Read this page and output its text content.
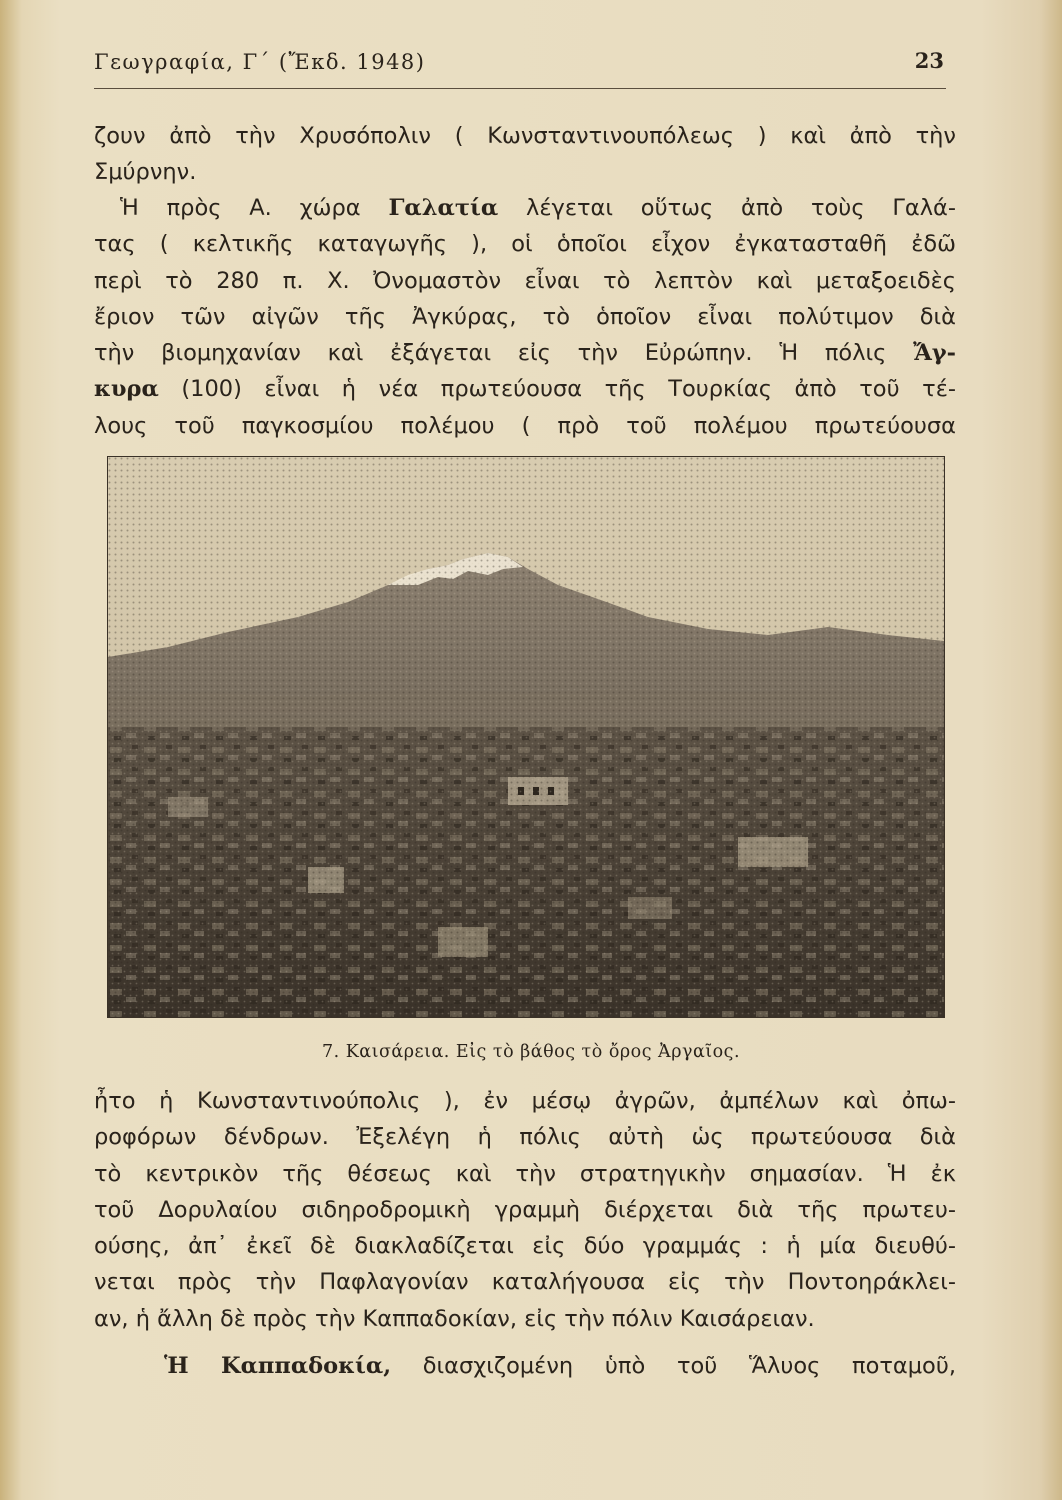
Γεωγραφία, Γ΄ (Ἔκδ. 1948)	23
ζουν ἀπὸ τὴν Χρυσόπολιν ( Κωνσταντινουπόλεως ) καὶ ἀπὸ τὴν
Σμύρνην.
Ἡ πρὸς Α. χώρα Γαλατία λέγεται οὕτως ἀπὸ τοὺς Γαλά-
τας ( κελτικῆς καταγωγῆς ), οἱ ὁποῖοι εἶχον ἐγκατασταθῆ ἐδῶ
περὶ τὸ 280 π. Χ. Ὀνομαστὸν εἶναι τὸ λεπτὸν καὶ μεταξοειδὲς
ἔριον τῶν αἰγῶν τῆς Ἀγκύρας, τὸ ὁποῖον εἶναι πολύτιμον διὰ
τὴν βιομηχανίαν καὶ ἐξάγεται εἰς τὴν Εὐρώπην. Ἡ πόλις Ἄγ-
κυρα (100) εἶναι ἡ νέα πρωτεύουσα τῆς Τουρκίας ἀπὸ τοῦ τέ-
λους τοῦ παγκοσμίου πολέμου ( πρὸ τοῦ πολέμου πρωτεύουσα
7. Καισάρεια. Εἰς τὸ βάθος τὸ ὄρος Ἀργαῖος.
ἦτο ἡ Κωνσταντινούπολις ), ἐν μέσῳ ἀγρῶν, ἀμπέλων καὶ ὀπω-
ροφόρων δένδρων. Ἐξελέγη ἡ πόλις αὐτὴ ὡς πρωτεύουσα διὰ
τὸ κεντρικὸν τῆς θέσεως καὶ τὴν στρατηγικὴν σημασίαν. Ἡ ἐκ
τοῦ Δορυλαίου σιδηροδρομικὴ γραμμὴ διέρχεται διὰ τῆς πρωτευ-
ούσης, ἀπ᾽ ἐκεῖ δὲ διακλαδίζεται εἰς δύο γραμμάς : ἡ μία διευθύ-
νεται πρὸς τὴν Παφλαγονίαν καταλήγουσα εἰς τὴν Ποντοηράκλει-
αν, ἡ ἄλλη δὲ πρὸς τὴν Καππαδοκίαν, εἰς τὴν πόλιν Καισάρειαν.
Ἡ Καππαδοκία, διασχιζομένη ὑπὸ τοῦ Ἅλυος ποταμοῦ,
